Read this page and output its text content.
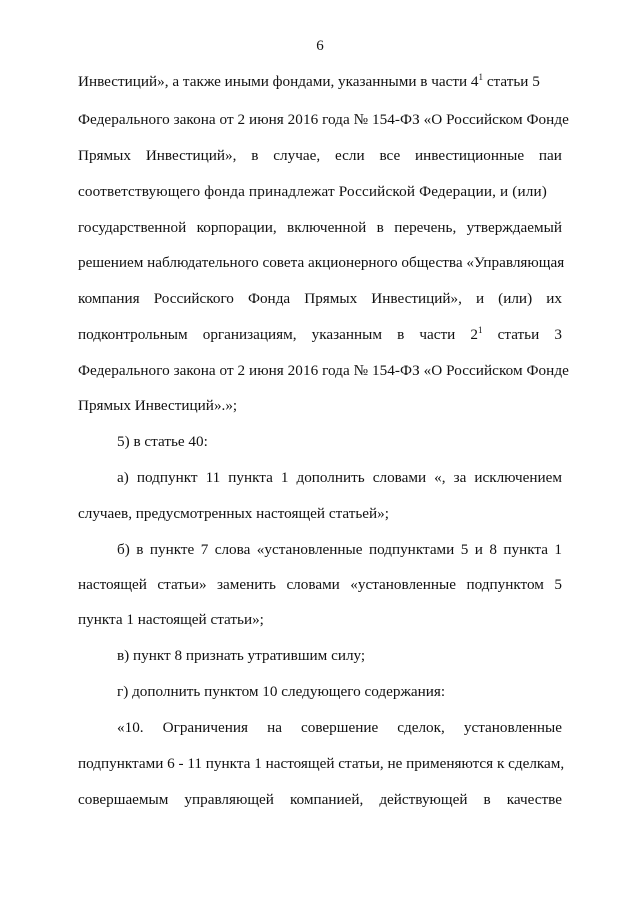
6
Инвестиций», а также иными фондами, указанными в части $4^1$ статьи 5
Федерального закона от 2 июня 2016 года № 154-ФЗ «О Российском Фонде
Прямых Инвестиций», в случае, если все инвестиционные паи
соответствующего фонда принадлежат Российской Федерации, и (или)
государственной корпорации, включенной в перечень, утверждаемый
решением наблюдательного совета акционерного общества «Управляющая
компания Российского Фонда Прямых Инвестиций», и (или) их
подконтрольным организациям, указанным в части $2^1$ статьи 3
Федерального закона от 2 июня 2016 года № 154-ФЗ «О Российском Фонде
Прямых Инвестиций».»;
5) в статье 40:
а) подпункт 11 пункта 1 дополнить словами «, за исключением
случаев, предусмотренных настоящей статьей»;
б) в пункте 7 слова «установленные подпунктами 5 и 8 пункта 1
настоящей статьи» заменить словами «установленные подпунктом 5
пункта 1 настоящей статьи»;
в) пункт 8 признать утратившим силу;
г) дополнить пунктом 10 следующего содержания:
«10. Ограничения на совершение сделок, установленные
подпунктами 6 - 11 пункта 1 настоящей статьи, не применяются к сделкам,
совершаемым управляющей компанией, действующей в качестве
